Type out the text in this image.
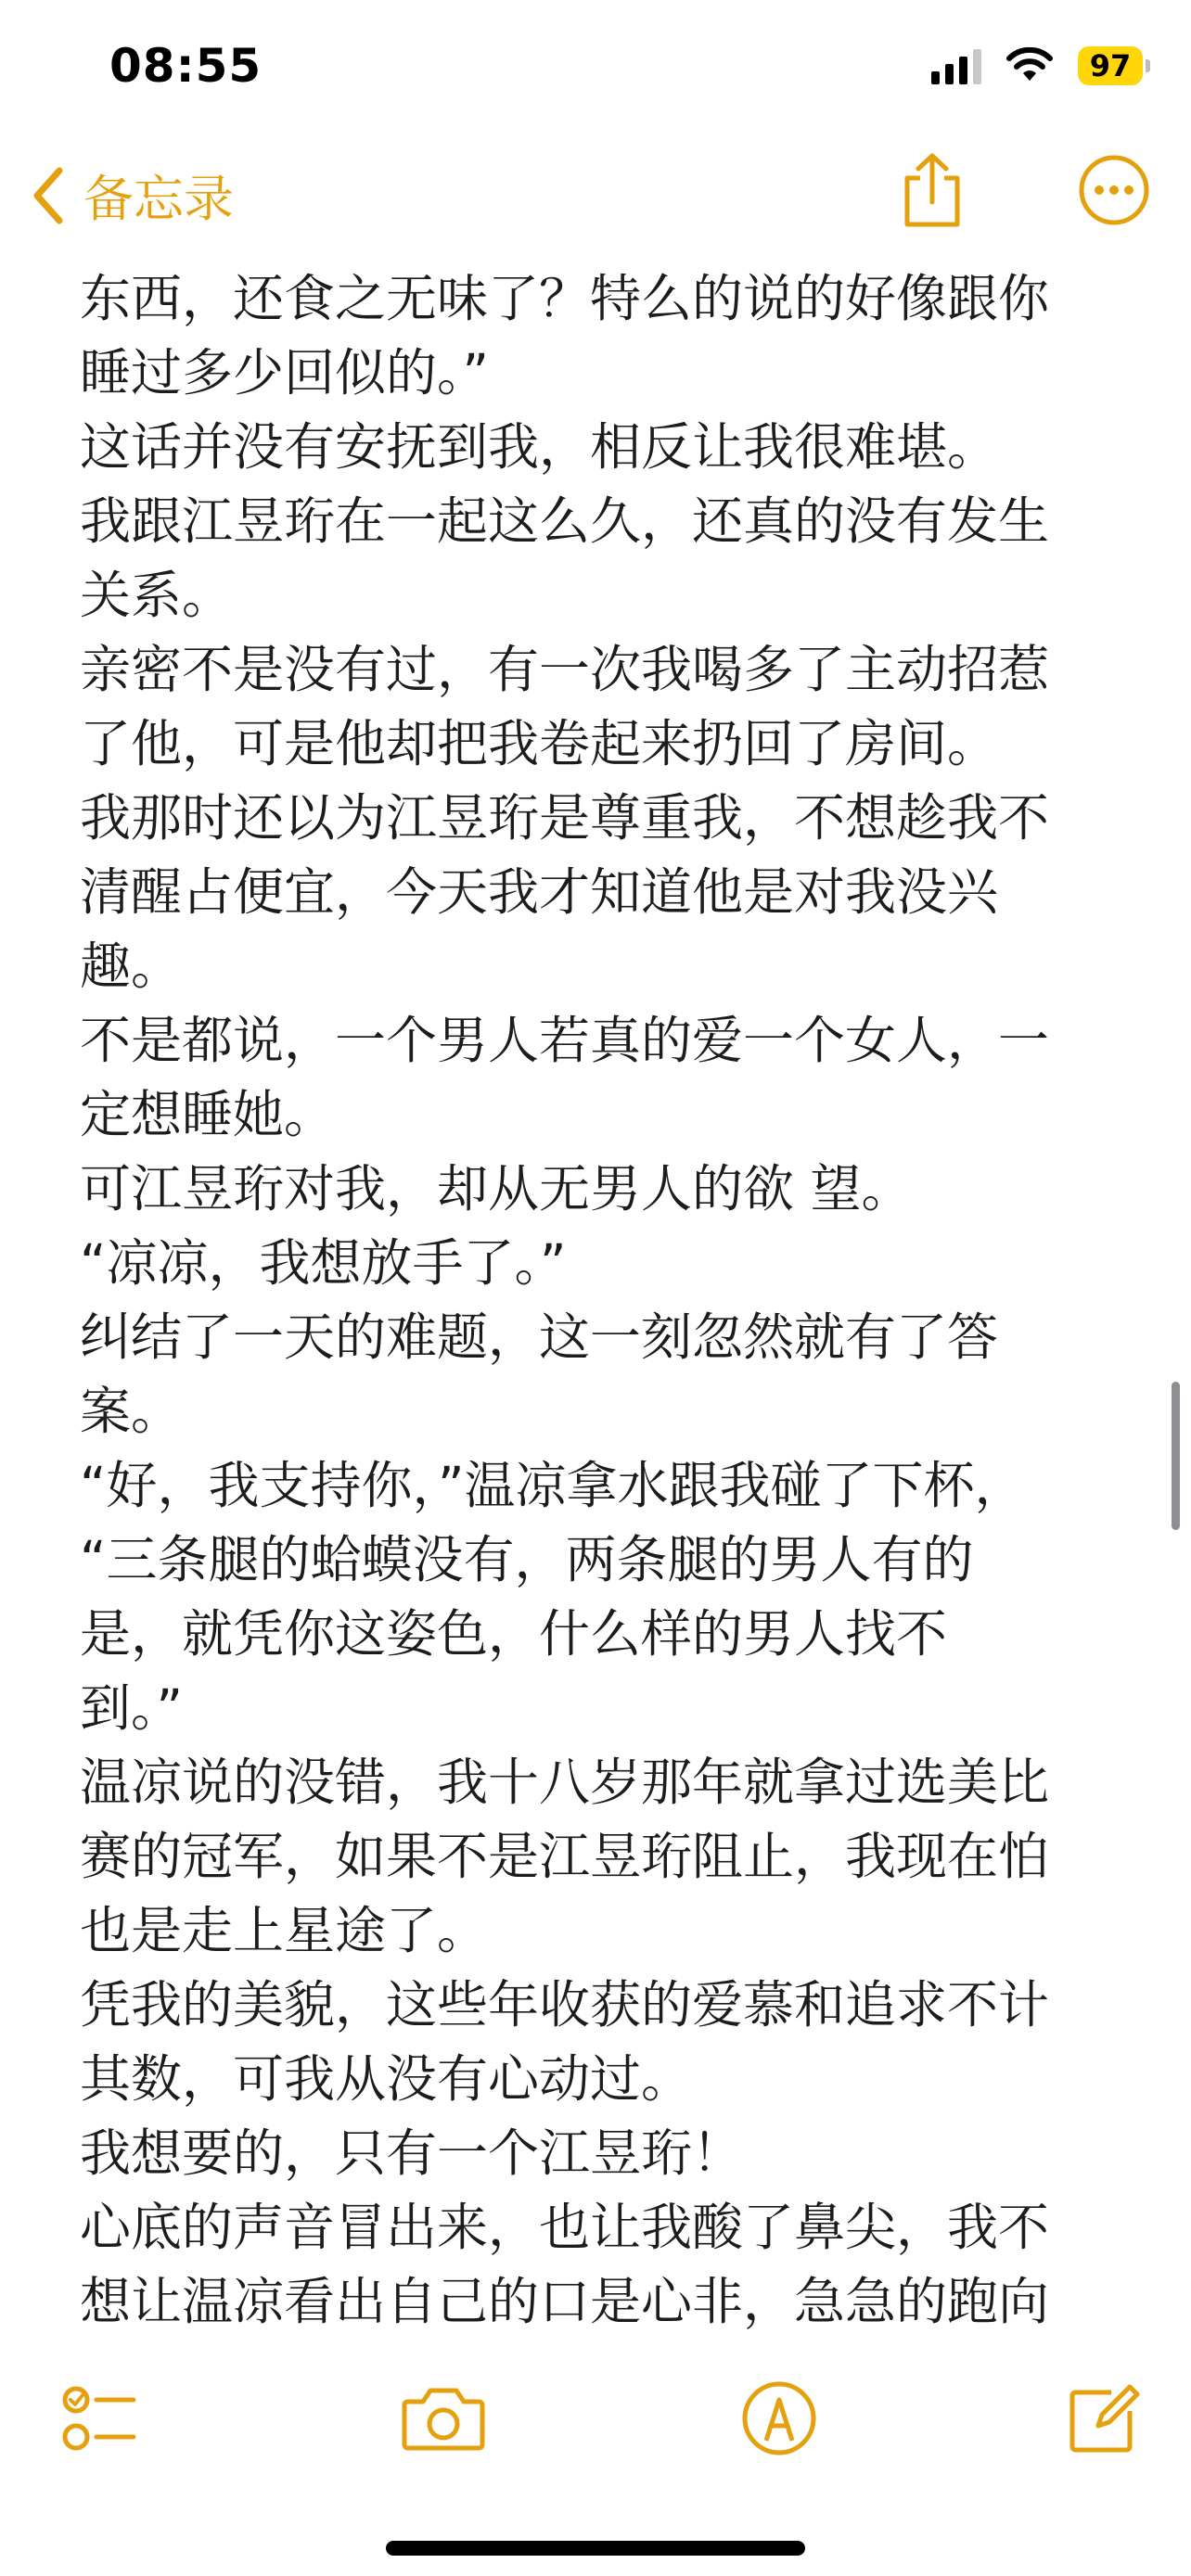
08:55	97
备忘录
东西，还食之无味了？特么的说的好像跟你
睡过多少回似的。”
这话并没有安抚到我，相反让我很难堪。
我跟江昱珩在一起这么久，还真的没有发生
关系。
亲密不是没有过，有一次我喝多了主动招惹
了他，可是他却把我卷起来扔回了房间。
我那时还以为江昱珩是尊重我，不想趁我不
清醒占便宜，今天我才知道他是对我没兴
趣。
不是都说，一个男人若真的爱一个女人，一
定想睡她。
可江昱珩对我，却从无男人的欲 望。
“凉凉，我想放手了。”
纠结了一天的难题，这一刻忽然就有了答
案。
“好，我支持你，”温凉拿水跟我碰了下杯，
“三条腿的蛤蟆没有，两条腿的男人有的
是，就凭你这姿色，什么样的男人找不
到。”
温凉说的没错，我十八岁那年就拿过选美比
赛的冠军，如果不是江昱珩阻止，我现在怕
也是走上星途了。
凭我的美貌，这些年收获的爱慕和追求不计
其数，可我从没有心动过。
我想要的，只有一个江昱珩！
心底的声音冒出来，也让我酸了鼻尖，我不
想让温凉看出自己的口是心非，急急的跑向
